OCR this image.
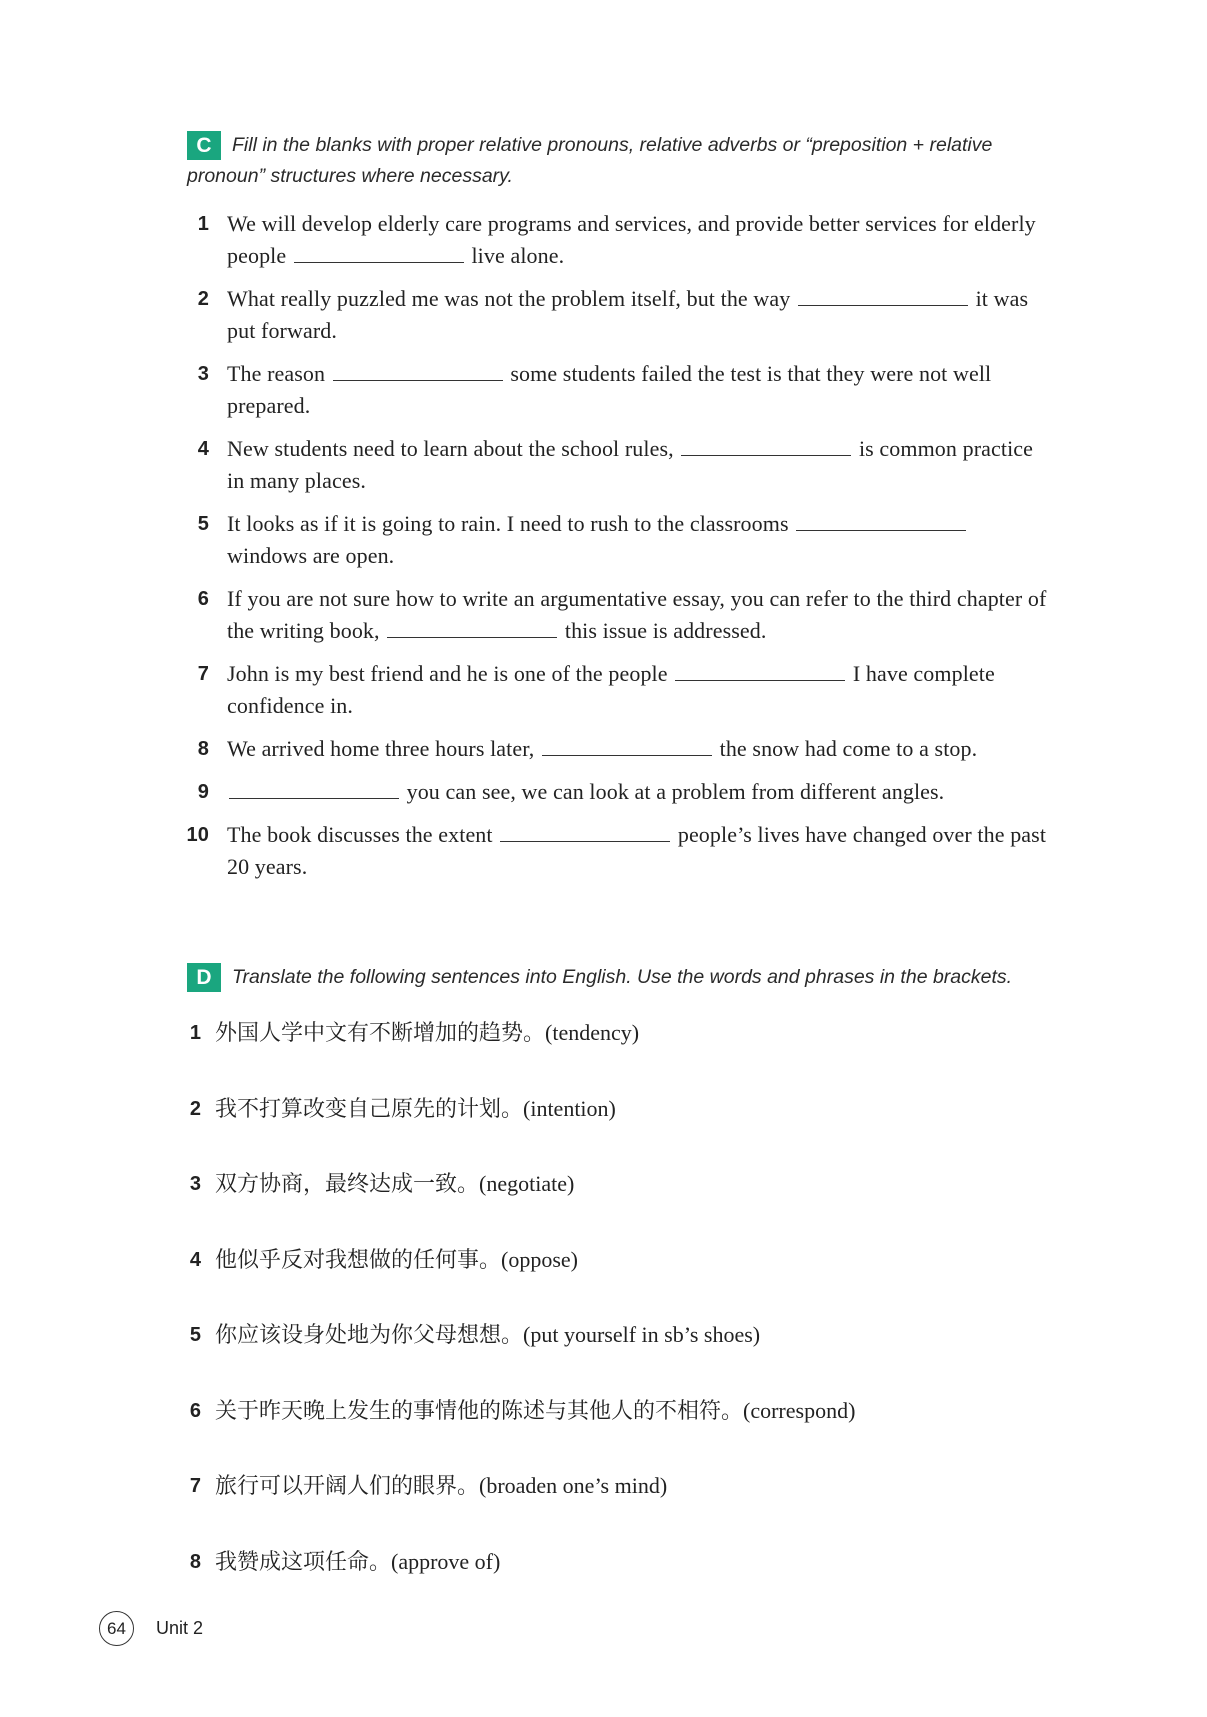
C Fill in the blanks with proper relative pronouns, relative adverbs or “preposition + relative pronoun” structures where necessary.
1 We will develop elderly care programs and services, and provide better services for elderly people	live alone.
2 What really puzzled me was not the problem itself, but the way	it was put forward.
3 The reason	some students failed the test is that they were not well prepared.
4 New students need to learn about the school rules,	is common practice in many places.
5 It looks as if it is going to rain. I need to rush to the classrooms  windows are open.
6 If you are not sure how to write an argumentative essay, you can refer to the third chapter of the writing book,	this issue is addressed.
7 John is my best friend and he is one of the people	I have complete confidence in.
8 We arrived home three hours later,	the snow had come to a stop.
9	you can see, we can look at a problem from different angles.
10 The book discusses the extent	people’s lives have changed over the past 20 years.
D Translate the following sentences into English. Use the words and phrases in the brackets.
1 外国人学中文有不断增加的趋势。(tendency)
2 我不打算改变自己原先的计划。(intention)
3 双方协商，最终达成一致。(negotiate)
4 他似乎反对我想做的任何事。(oppose)
5 你应该设身处地为你父母想想。(put yourself in sb’s shoes)
6 关于昨天晚上发生的事情他的陈述与其他人的不相符。(correspond)
7 旅行可以开阔人们的眼界。(broaden one’s mind)
8 我赞成这项任命。(approve of)
64	Unit 2
